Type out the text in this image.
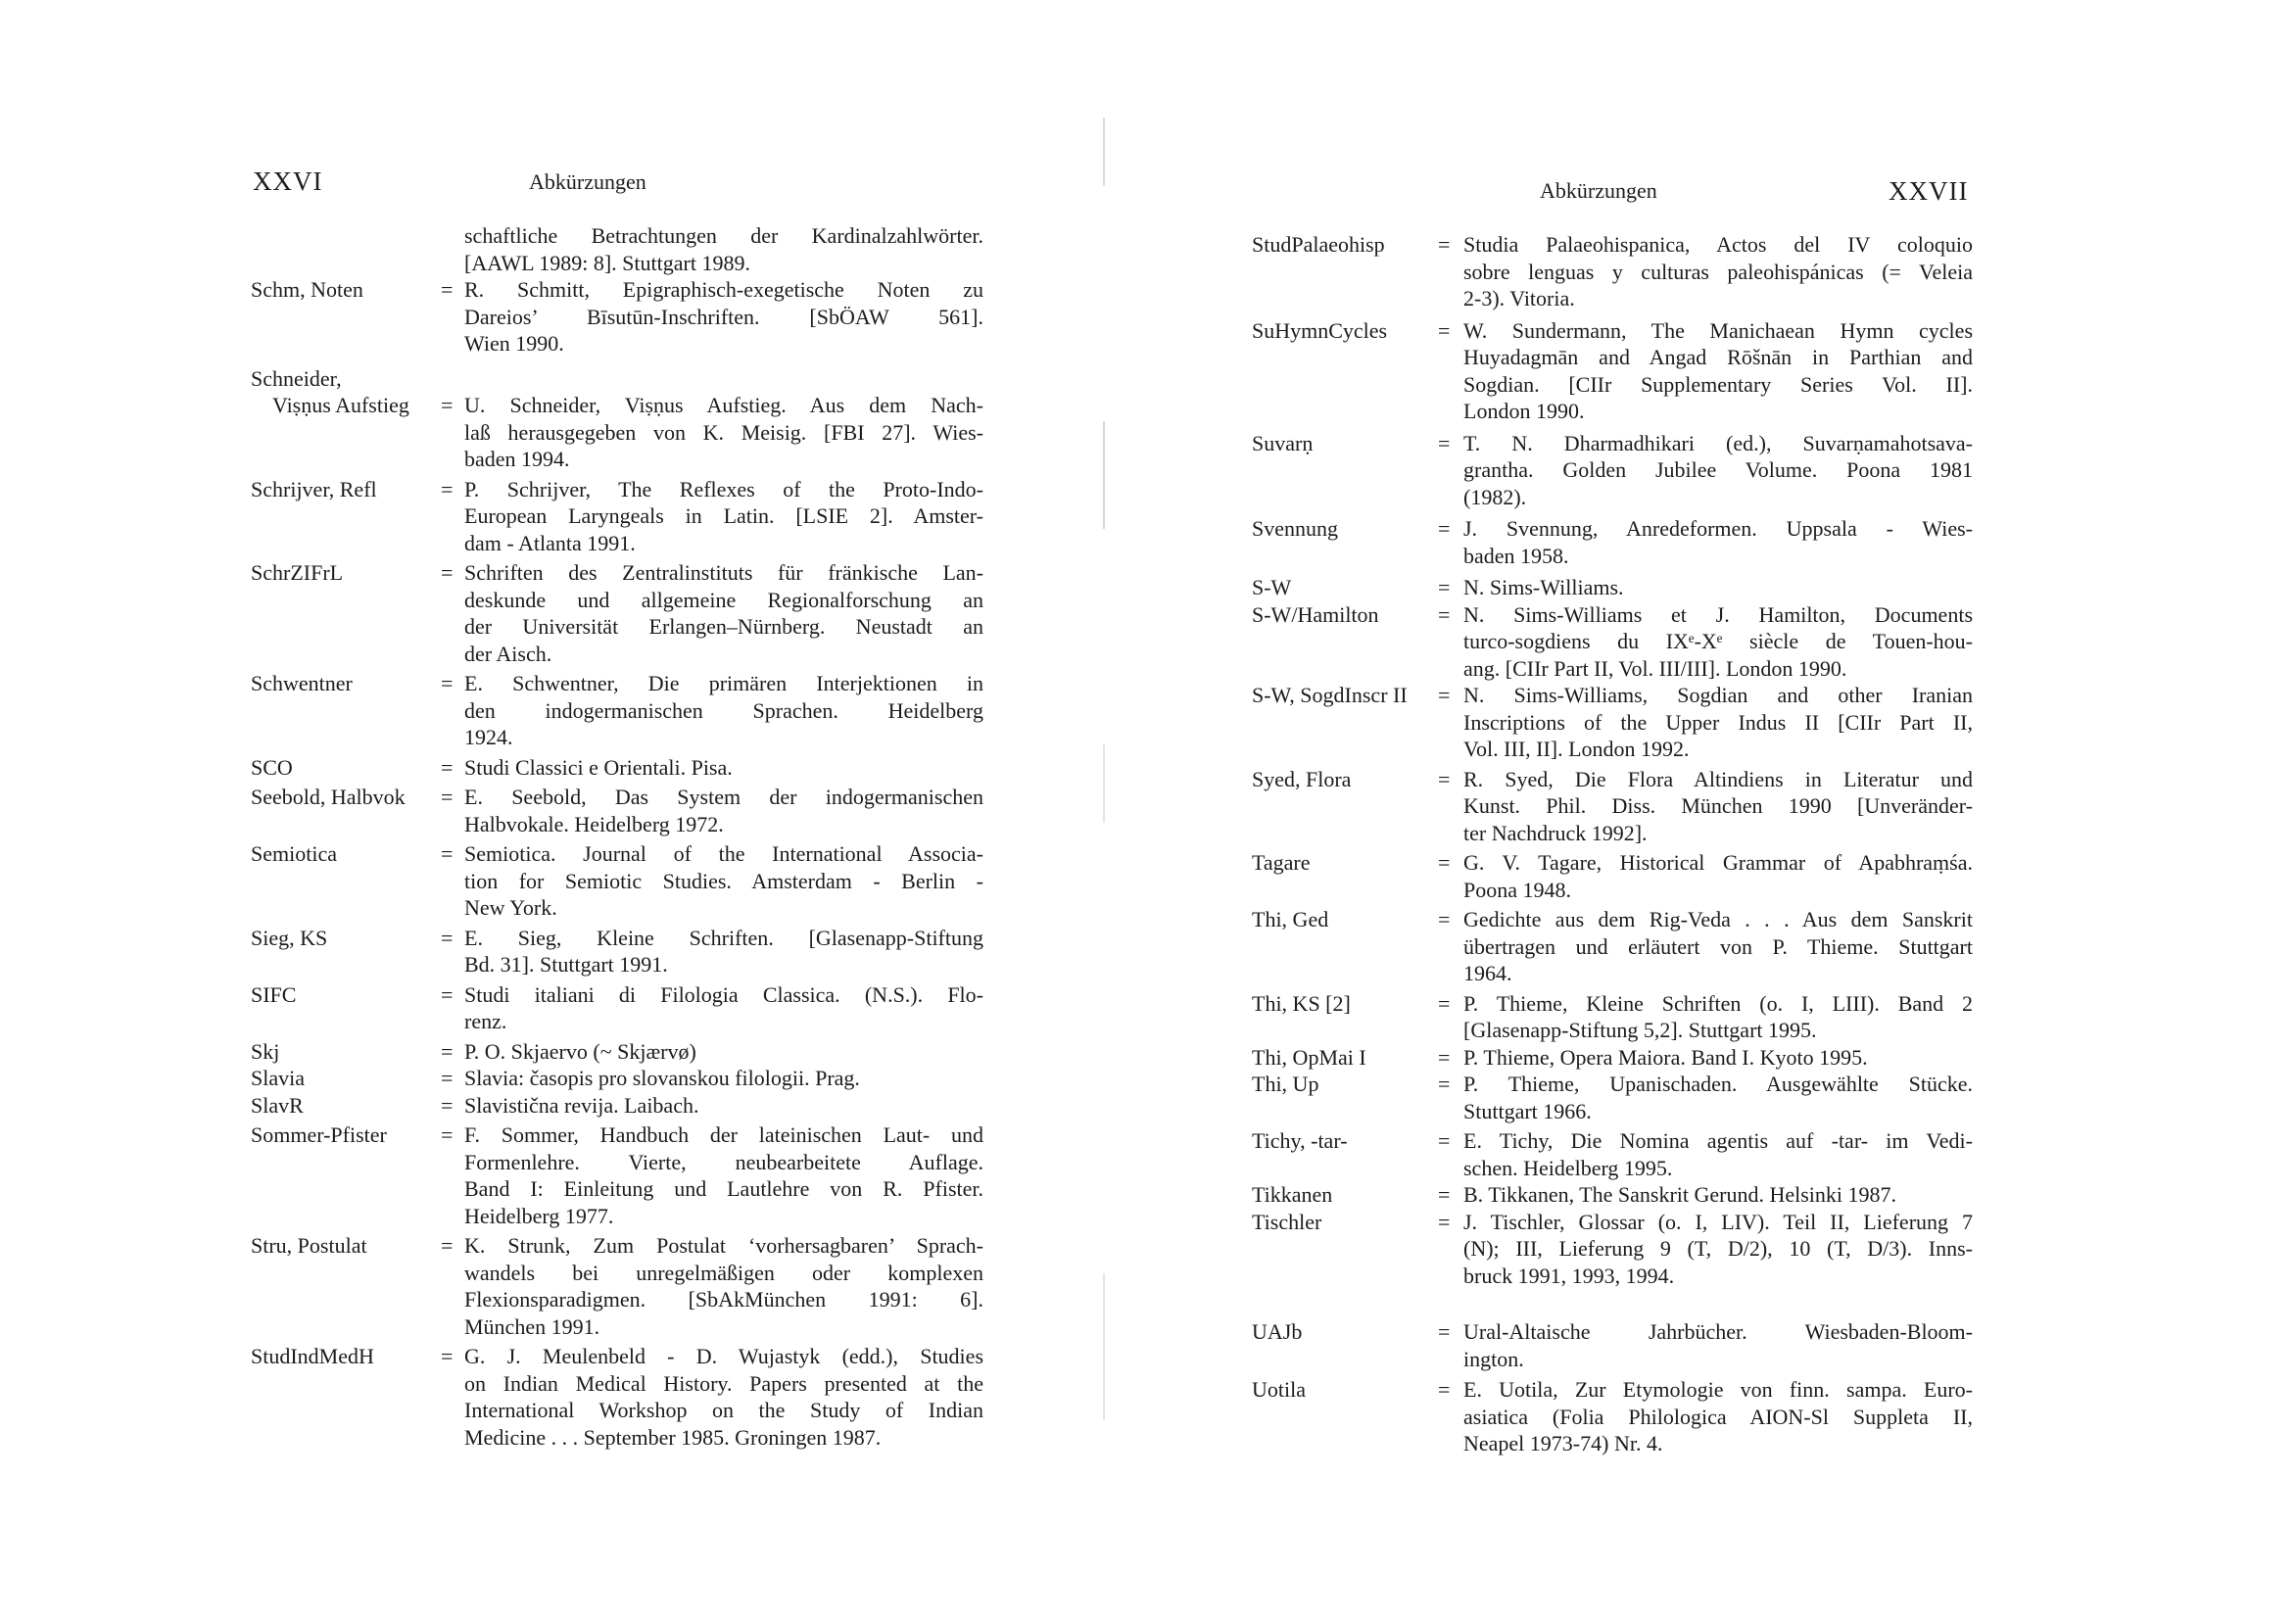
XXVI	Abkürzungen
schaftliche Betrachtungen der Kardinalzahlwörter.
[AAWL 1989: 8]. Stuttgart 1989.
Schm, Noten	= R. Schmitt, Epigraphisch-exegetische Noten zu
Dareios’ Bīsutūn-Inschriften. [SbÖAW 561].
Wien 1990.
Schneider,
Viṣṇus Aufstieg = U. Schneider, Viṣṇus Aufstieg. Aus dem Nach-
laß herausgegeben von K. Meisig. [FBI 27]. Wies-
baden 1994.
Schrijver, Refl	= P. Schrijver, The Reflexes of the Proto-Indo-
European Laryngeals in Latin. [LSIE 2]. Amster-
dam - Atlanta 1991.
SchrZIFrL	= Schriften des Zentralinstituts für fränkische Lan-
deskunde und allgemeine Regionalforschung an
der Universität Erlangen–Nürnberg. Neustadt an
der Aisch.
Schwentner	= E. Schwentner, Die primären Interjektionen in
den indogermanischen Sprachen. Heidelberg
1924.
SCO	= Studi Classici e Orientali. Pisa.
Seebold, Halbvok = E. Seebold, Das System der indogermanischen
Halbvokale. Heidelberg 1972.
Semiotica	= Semiotica. Journal of the International Associa-
tion for Semiotic Studies. Amsterdam - Berlin -
New York.
Sieg, KS	= E. Sieg, Kleine Schriften. [Glasenapp-Stiftung
Bd. 31]. Stuttgart 1991.
SIFC	= Studi italiani di Filologia Classica. (N.S.). Flo-
renz.
Skj	= P. O. Skjaervo (~ Skjærvø)
Slavia	= Slavia: časopis pro slovanskou filologii. Prag.
SlavR	= Slavistična revija. Laibach.
Sommer-Pfister	= F. Sommer, Handbuch der lateinischen Laut- und
Formenlehre. Vierte, neubearbeitete Auflage.
Band I: Einleitung und Lautlehre von R. Pfister.
Heidelberg 1977.
Stru, Postulat	= K. Strunk, Zum Postulat ‘vorhersagbaren’ Sprach-
wandels bei unregelmäßigen oder komplexen
Flexionsparadigmen. [SbAkMünchen 1991: 6].
München 1991.
StudIndMedH	= G. J. Meulenbeld - D. Wujastyk (edd.), Studies
on Indian Medical History. Papers presented at the
International Workshop on the Study of Indian
Medicine . . . September 1985. Groningen 1987.
Abkürzungen	XXVII
StudPalaeohisp = Studia Palaeohispanica, Actos del IV coloquio
sobre lenguas y culturas paleohispánicas (= Veleia
2-3). Vitoria.
SuHymnCycles = W. Sundermann, The Manichaean Hymn cycles
Huyadagmān and Angad Rōšnān in Parthian and
Sogdian. [CIIr Supplementary Series Vol. II].
London 1990.
Suvarṇ	= T. N. Dharmadhikari (ed.), Suvarṇamahotsava-
grantha. Golden Jubilee Volume. Poona 1981
(1982).
Svennung	= J. Svennung, Anredeformen. Uppsala - Wies-
baden 1958.
S-W	= N. Sims-Williams.
S-W/Hamilton	= N. Sims-Williams et J. Hamilton, Documents
turco-sogdiens du IXᵉ-Xᵉ siècle de Touen-hou-
ang. [CIIr Part II, Vol. III/III]. London 1990.
S-W, SogdInscr II = N. Sims-Williams, Sogdian and other Iranian
Inscriptions of the Upper Indus II [CIIr Part II,
Vol. III, II]. London 1992.
Syed, Flora	= R. Syed, Die Flora Altindiens in Literatur und
Kunst. Phil. Diss. München 1990 [Unveränder-
ter Nachdruck 1992].
Tagare	= G. V. Tagare, Historical Grammar of Apabhraṃśa.
Poona 1948.
Thi, Ged	= Gedichte aus dem Rig-Veda . . . Aus dem Sanskrit
übertragen und erläutert von P. Thieme. Stuttgart
1964.
Thi, KS [2]	= P. Thieme, Kleine Schriften (o. I, LIII). Band 2
[Glasenapp-Stiftung 5,2]. Stuttgart 1995.
Thi, OpMai I	= P. Thieme, Opera Maiora. Band I. Kyoto 1995.
Thi, Up	= P. Thieme, Upanischaden. Ausgewählte Stücke.
Stuttgart 1966.
Tichy, -tar-	= E. Tichy, Die Nomina agentis auf -tar- im Vedi-
schen. Heidelberg 1995.
Tikkanen	= B. Tikkanen, The Sanskrit Gerund. Helsinki 1987.
Tischler	= J. Tischler, Glossar (o. I, LIV). Teil II, Lieferung 7
(N); III, Lieferung 9 (T, D/2), 10 (T, D/3). Inns-
bruck 1991, 1993, 1994.
UAJb	= Ural-Altaische Jahrbücher. Wiesbaden-Bloom-
ington.
Uotila	= E. Uotila, Zur Etymologie von finn. sampa. Euro-
asiatica (Folia Philologica AION-Sl Suppleta II,
Neapel 1973-74) Nr. 4.
